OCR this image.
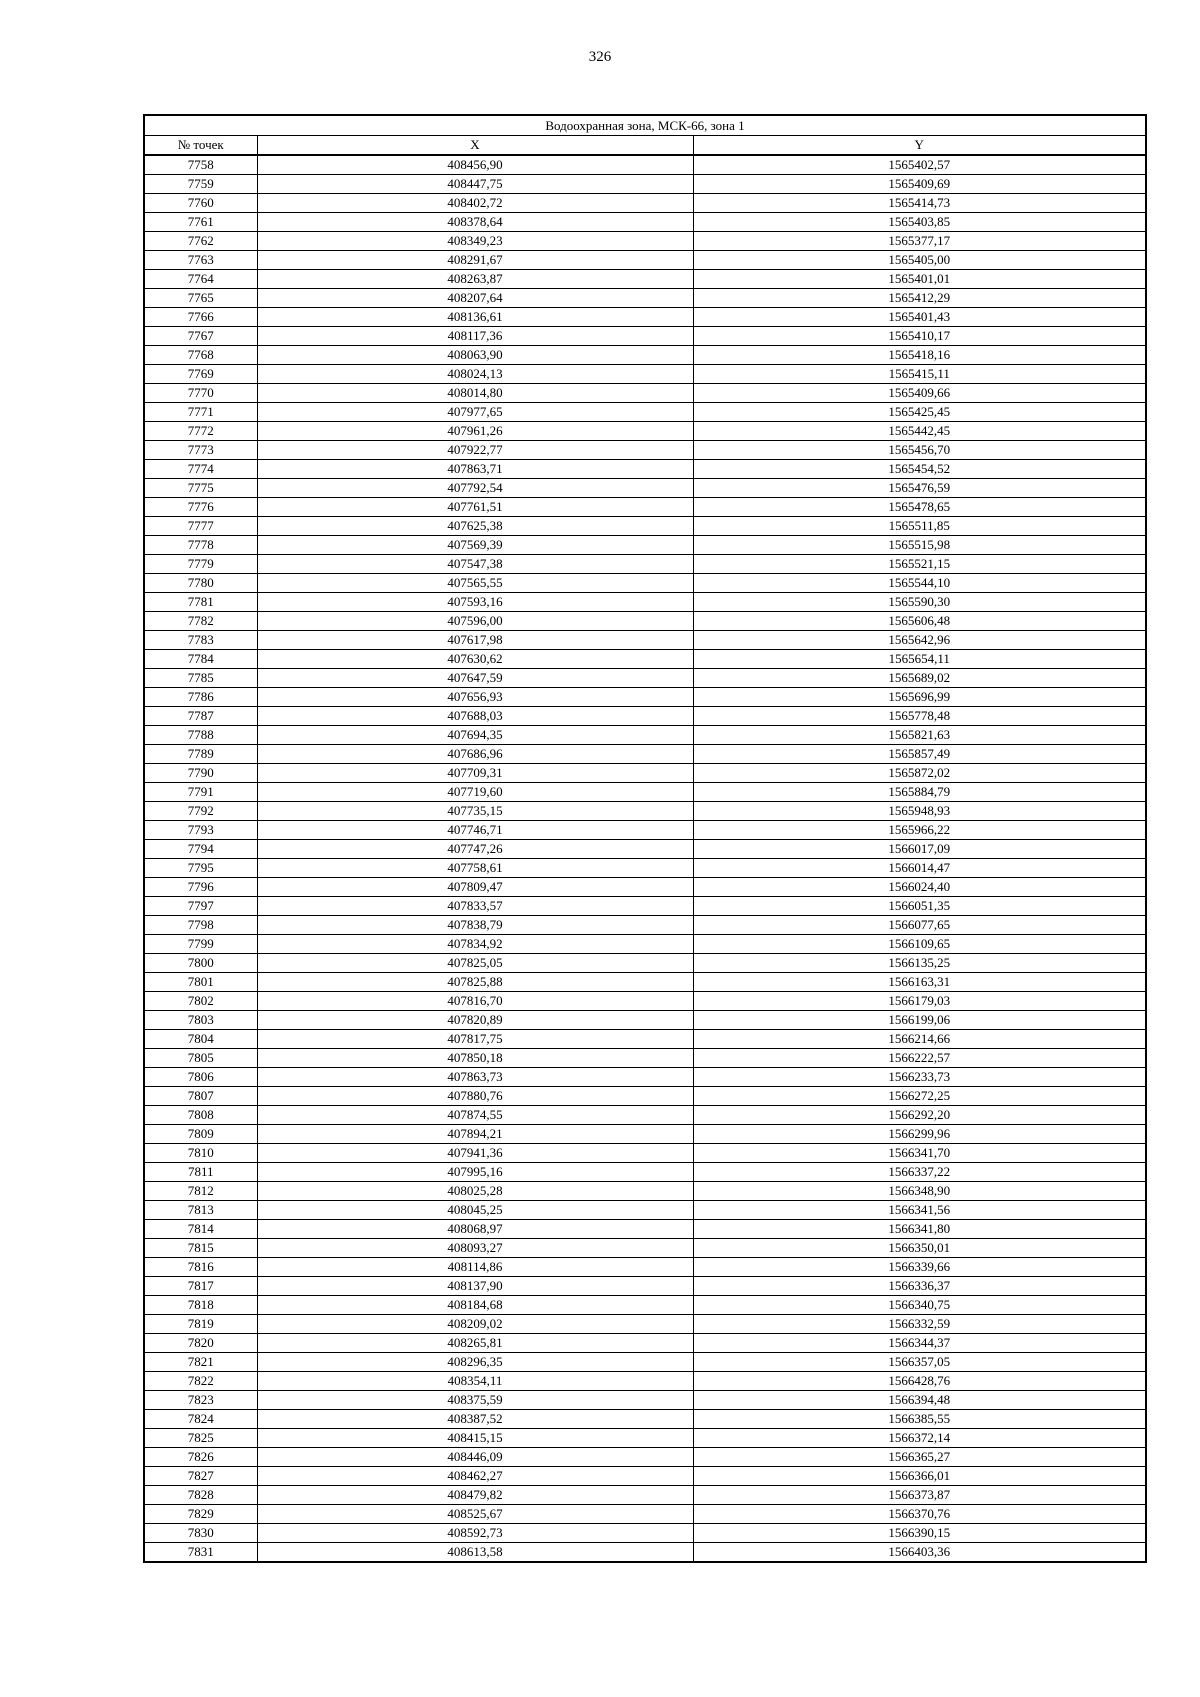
326
Водоохранная зона, МСК-66, зона 1		
№ точек	X	Y
7758	408456,90	1565402,57
7759	408447,75	1565409,69
7760	408402,72	1565414,73
7761	408378,64	1565403,85
7762	408349,23	1565377,17
7763	408291,67	1565405,00
7764	408263,87	1565401,01
7765	408207,64	1565412,29
7766	408136,61	1565401,43
7767	408117,36	1565410,17
7768	408063,90	1565418,16
7769	408024,13	1565415,11
7770	408014,80	1565409,66
7771	407977,65	1565425,45
7772	407961,26	1565442,45
7773	407922,77	1565456,70
7774	407863,71	1565454,52
7775	407792,54	1565476,59
7776	407761,51	1565478,65
7777	407625,38	1565511,85
7778	407569,39	1565515,98
7779	407547,38	1565521,15
7780	407565,55	1565544,10
7781	407593,16	1565590,30
7782	407596,00	1565606,48
7783	407617,98	1565642,96
7784	407630,62	1565654,11
7785	407647,59	1565689,02
7786	407656,93	1565696,99
7787	407688,03	1565778,48
7788	407694,35	1565821,63
7789	407686,96	1565857,49
7790	407709,31	1565872,02
7791	407719,60	1565884,79
7792	407735,15	1565948,93
7793	407746,71	1565966,22
7794	407747,26	1566017,09
7795	407758,61	1566014,47
7796	407809,47	1566024,40
7797	407833,57	1566051,35
7798	407838,79	1566077,65
7799	407834,92	1566109,65
7800	407825,05	1566135,25
7801	407825,88	1566163,31
7802	407816,70	1566179,03
7803	407820,89	1566199,06
7804	407817,75	1566214,66
7805	407850,18	1566222,57
7806	407863,73	1566233,73
7807	407880,76	1566272,25
7808	407874,55	1566292,20
7809	407894,21	1566299,96
7810	407941,36	1566341,70
7811	407995,16	1566337,22
7812	408025,28	1566348,90
7813	408045,25	1566341,56
7814	408068,97	1566341,80
7815	408093,27	1566350,01
7816	408114,86	1566339,66
7817	408137,90	1566336,37
7818	408184,68	1566340,75
7819	408209,02	1566332,59
7820	408265,81	1566344,37
7821	408296,35	1566357,05
7822	408354,11	1566428,76
7823	408375,59	1566394,48
7824	408387,52	1566385,55
7825	408415,15	1566372,14
7826	408446,09	1566365,27
7827	408462,27	1566366,01
7828	408479,82	1566373,87
7829	408525,67	1566370,76
7830	408592,73	1566390,15
7831	408613,58	1566403,36
